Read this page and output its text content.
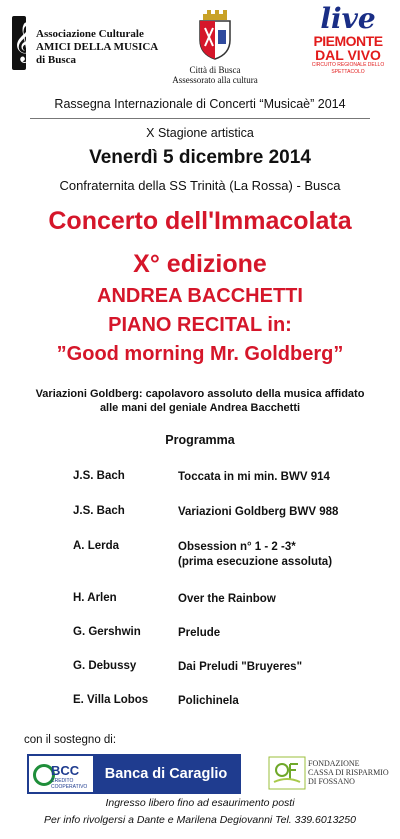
𝄞 Associazione Culturale
AMICI DELLA MUSICA
di Busca
Città di Busca
Assessorato alla cultura
live
PIEMONTE
DAL VIVO
CIRCUITO REGIONALE DELLO SPETTACOLO
Rassegna Internazionale di Concerti “Musicaè” 2014
X Stagione artistica
Venerdì 5 dicembre 2014
Confraternita della SS Trinità (La Rossa) - Busca
Concerto dell'Immacolata
X° edizione
ANDREA BACCHETTI
PIANO RECITAL in:
”Good morning Mr. Goldberg”
Variazioni Goldberg: capolavoro assoluto della musica affidato
alle mani del geniale Andrea Bacchetti
Programma
J.S. Bach	Toccata in mi min. BWV 914
J.S. Bach	Variazioni Goldberg BWV 988
A. Lerda	Obsession n° 1 - 2 -3*
(prima esecuzione assoluta)
H. Arlen	Over the Rainbow
G. Gershwin	Prelude
G. Debussy	Dai Preludi "Bruyeres"
E. Villa Lobos	Polichinela
con il sostegno di:
BCC
CREDITO COOPERATIVO
Banca di Caraglio
FONDAZIONE
CASSA DI RISPARMIO
DI FOSSANO
Ingresso libero fino ad esaurimento posti
Per info rivolgersi a Dante e Marilena Degiovanni Tel. 339.6013250
